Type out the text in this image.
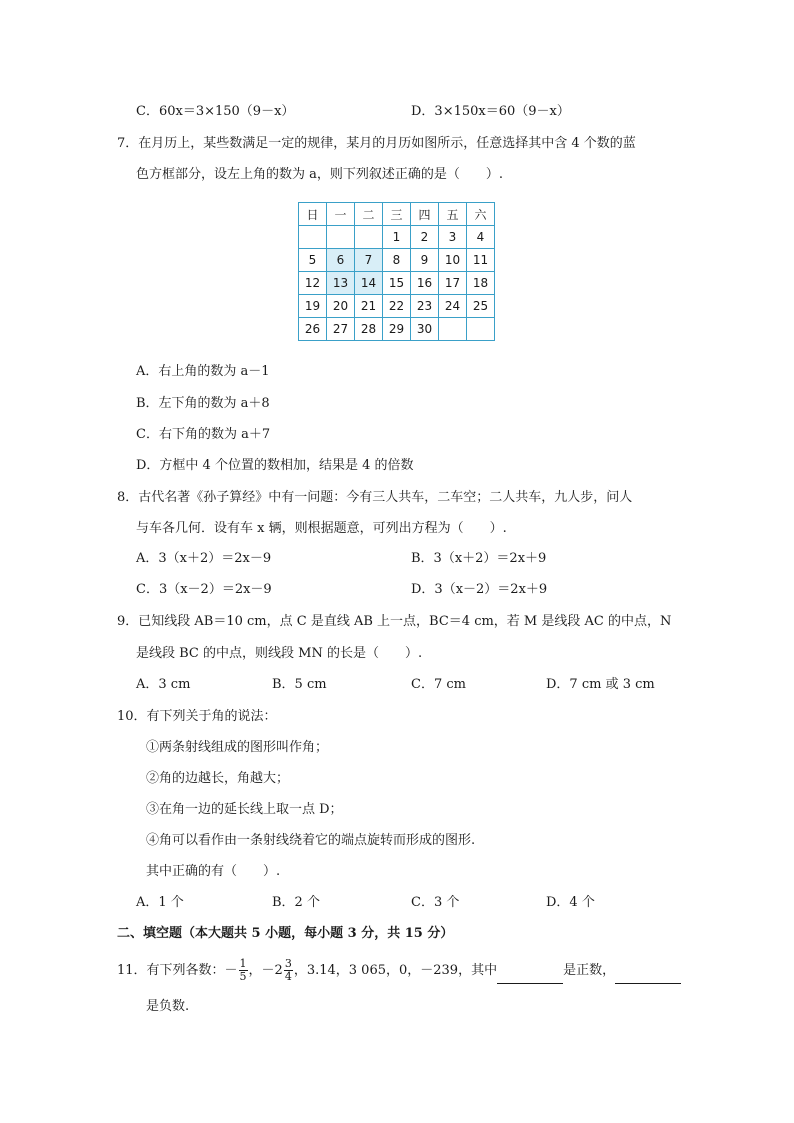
C．60x＝3×150（9－x）	D．3×150x＝60（9－x）
7．在月历上，某些数满足一定的规律，某月的月历如图所示，任意选择其中含 4 个数的蓝
色方框部分，设左上角的数为 a，则下列叙述正确的是（　　）.
日	一	二	三	四	五	六
			1	2	3	4
5	6	7	8	9	10	11
12	13	14	15	16	17	18
19	20	21	22	23	24	25
26	27	28	29	30		
A．右上角的数为 a－1
B．左下角的数为 a＋8
C．右下角的数为 a＋7
D．方框中 4 个位置的数相加，结果是 4 的倍数
8．古代名著《孙子算经》中有一问题：今有三人共车，二车空；二人共车，九人步，问人
与车各几何．设有车 x 辆，则根据题意，可列出方程为（　　）.
A．3（x＋2）＝2x－9	B．3（x＋2）＝2x＋9
C．3（x－2）＝2x－9	D．3（x－2）＝2x＋9
9．已知线段 AB＝10 cm，点 C 是直线 AB 上一点，BC＝4 cm，若 M 是线段 AC 的中点，N
是线段 BC 的中点，则线段 MN 的长是（　　）.
A．3 cm	B．5 cm	C．7 cm	D．7 cm 或 3 cm
10．有下列关于角的说法：
①两条射线组成的图形叫作角；
②角的边越长，角越大；
③在角一边的延长线上取一点 D；
④角可以看作由一条射线绕着它的端点旋转而形成的图形.
其中正确的有（　　）.
A．1 个	B．2 个	C．3 个	D．4 个
二、填空题（本大题共 5 小题，每小题 3 分，共 15 分）
11．有下列各数：－ $\frac{1}{5}$ ，$-2 \frac{3}{4}$ ，3.14，3 065，0，－239，其中	是正数，
是负数.
